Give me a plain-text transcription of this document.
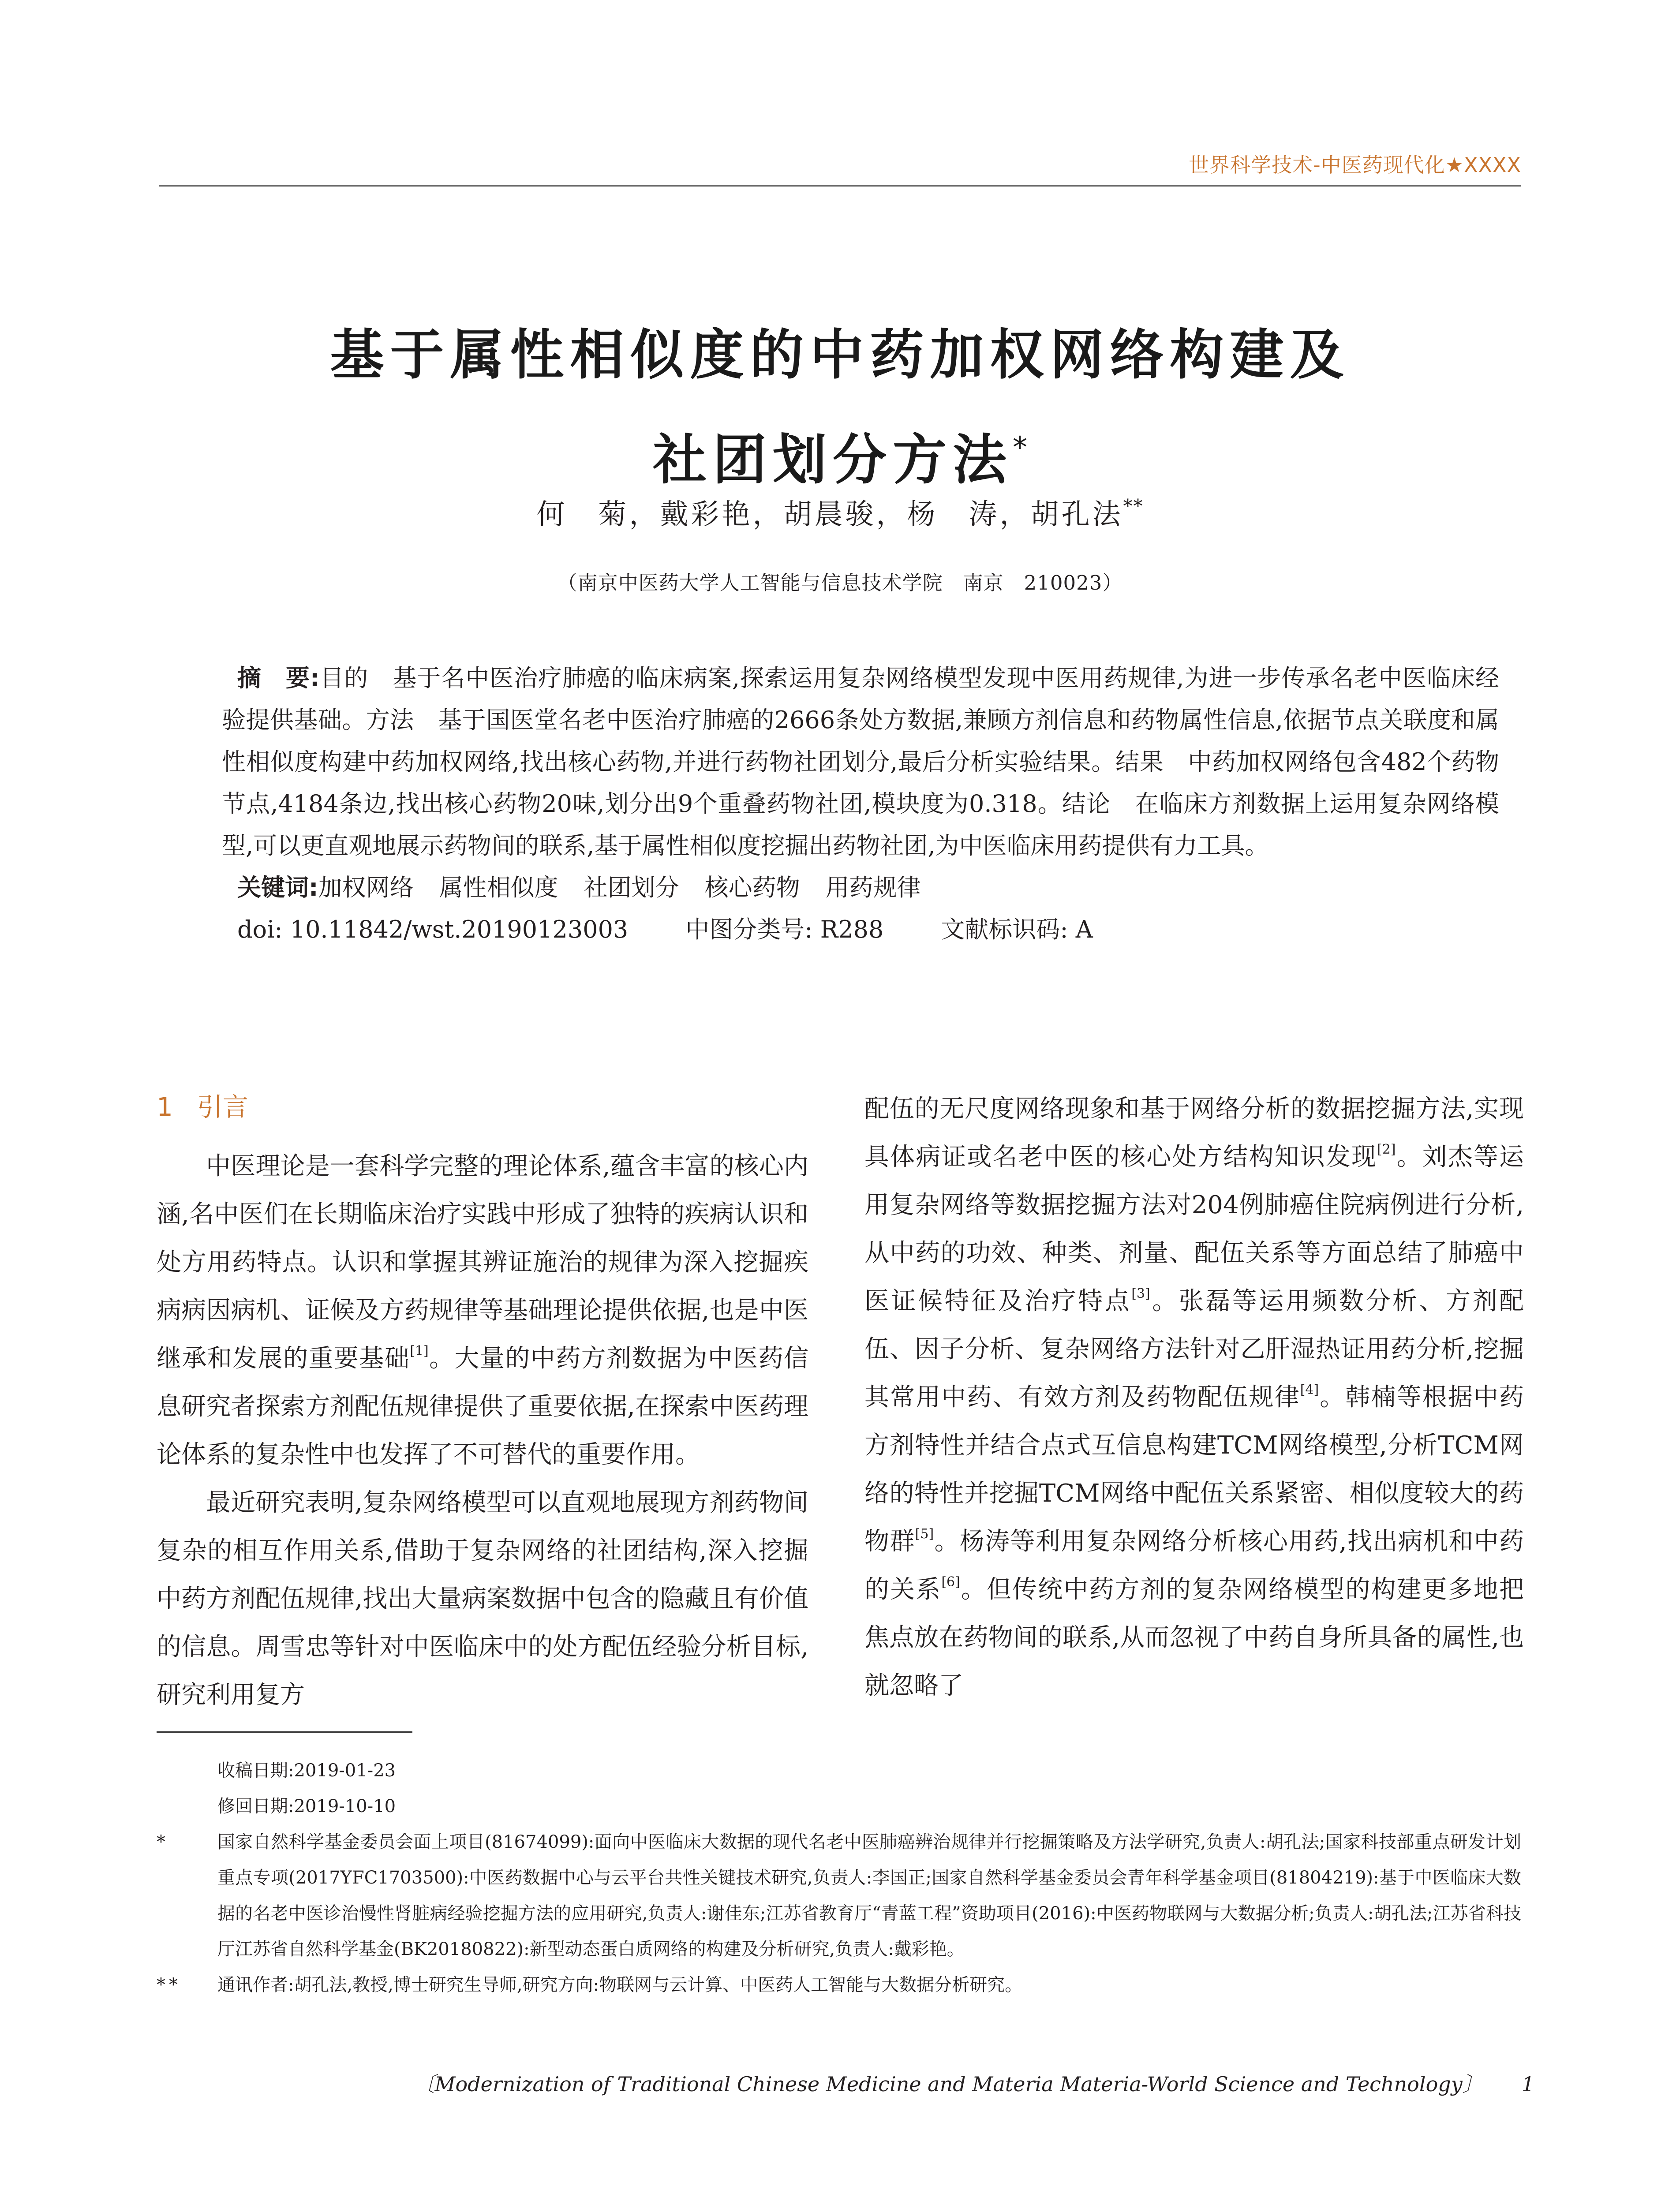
世界科学技术-中医药现代化★XXXX
基于属性相似度的中药加权网络构建及
社团划分方法*
何　菊，戴彩艳，胡晨骏，杨　涛，胡孔法**
（南京中医药大学人工智能与信息技术学院　南京　210023）

摘　要:目的　基于名中医治疗肺癌的临床病案,探索运用复杂网络模型发现中医用药规律,为进一步传承名老中医临床经验提供基础。方法　基于国医堂名老中医治疗肺癌的2666条处方数据,兼顾方剂信息和药物属性信息,依据节点关联度和属性相似度构建中药加权网络,找出核心药物,并进行药物社团划分,最后分析实验结果。结果　中药加权网络包含482个药物节点,4184条边,找出核心药物20味,划分出9个重叠药物社团,模块度为0.318。结论　在临床方剂数据上运用复杂网络模型,可以更直观地展示药物间的联系,基于属性相似度挖掘出药物社团,为中医临床用药提供有力工具。

关键词:加权网络 属性相似度 社团划分 核心药物 用药规律

doi: 10.11842/wst.20190123003 中图分类号: R288 文献标识码: A

1 引言

中医理论是一套科学完整的理论体系,蕴含丰富的核心内涵,名中医们在长期临床治疗实践中形成了独特的疾病认识和处方用药特点。认识和掌握其辨证施治的规律为深入挖掘疾病病因病机、证候及方药规律等基础理论提供依据,也是中医继承和发展的重要基础[1]。大量的中药方剂数据为中医药信息研究者探索方剂配伍规律提供了重要依据,在探索中医药理论体系的复杂性中也发挥了不可替代的重要作用。

最近研究表明,复杂网络模型可以直观地展现方剂药物间复杂的相互作用关系,借助于复杂网络的社团结构,深入挖掘中药方剂配伍规律,找出大量病案数据中包含的隐藏且有价值的信息。周雪忠等针对中医临床中的处方配伍经验分析目标,研究利用复方

配伍的无尺度网络现象和基于网络分析的数据挖掘方法,实现具体病证或名老中医的核心处方结构知识发现[2]。刘杰等运用复杂网络等数据挖掘方法对204例肺癌住院病例进行分析,从中药的功效、种类、剂量、配伍关系等方面总结了肺癌中医证候特征及治疗特点[3]。张磊等运用频数分析、方剂配伍、因子分析、复杂网络方法针对乙肝湿热证用药分析,挖掘其常用中药、有效方剂及药物配伍规律[4]。韩楠等根据中药方剂特性并结合点式互信息构建TCM网络模型,分析TCM网络的特性并挖掘TCM网络中配伍关系紧密、相似度较大的药物群[5]。杨涛等利用复杂网络分析核心用药,找出病机和中药的关系[6]。但传统中药方剂的复杂网络模型的构建更多地把焦点放在药物间的联系,从而忽视了中药自身所具备的属性,也就忽略了

收稿日期:2019-01-23
修回日期:2019-10-10
*	国家自然科学基金委员会面上项目(81674099):面向中医临床大数据的现代名老中医肺癌辨治规律并行挖掘策略及方法学研究,负责人:胡孔法;国家科技部重点研发计划重点专项(2017YFC1703500):中医药数据中心与云平台共性关键技术研究,负责人:李国正;国家自然科学基金委员会青年科学基金项目(81804219):基于中医临床大数据的名老中医诊治慢性肾脏病经验挖掘方法的应用研究,负责人:谢佳东;江苏省教育厅“青蓝工程”资助项目(2016):中医药物联网与大数据分析;负责人:胡孔法;江苏省科技厅江苏省自然科学基金(BK20180822):新型动态蛋白质网络的构建及分析研究,负责人:戴彩艳。
** 通讯作者:胡孔法,教授,博士研究生导师,研究方向:物联网与云计算、中医药人工智能与大数据分析研究。
〔Modernization of Traditional Chinese Medicine and Materia Materia-World Science and Technology〕 1
